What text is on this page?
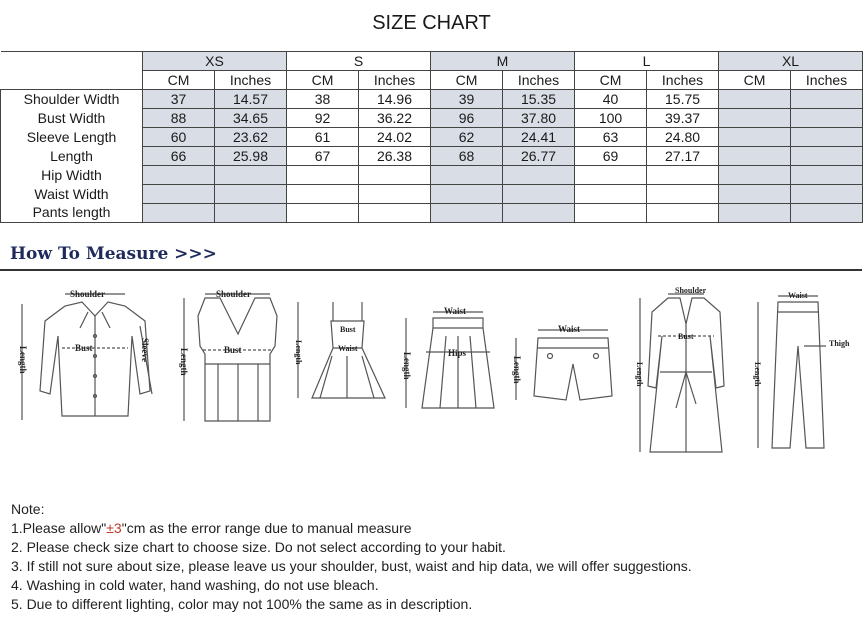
SIZE CHART
	XS		S		M		L		XL	
	CM	Inches	CM	Inches	CM	Inches	CM	Inches	CM	Inches
Shoulder Width	37	14.57	38	14.96	39	15.35	40	15.75		
Bust Width	88	34.65	92	36.22	96	37.80	100	39.37		
Sleeve Length	60	23.62	61	24.02	62	24.41	63	24.80		
Length	66	25.98	67	26.38	68	26.77	69	27.17		
Hip Width										
Waist Width										
Pants length										
How To Measure >>>
Shoulder
Bust
Length	Sleeve
Shoulder
Bust
Length
Bust
Waist
Length
Waist
Hips
Length
Waist
Length
Shoulder
Bust
Length
Waist
Thigh
Length
Note:
1.Please allow"±3"cm as the error range due to manual measure
2. Please check size chart to choose size. Do not select according to your habit.
3. If still not sure about size, please leave us your shoulder, bust, waist and hip data, we will offer suggestions.
4. Washing in cold water, hand washing, do not use bleach.
5. Due to different lighting, color may not 100% the same as in description.
